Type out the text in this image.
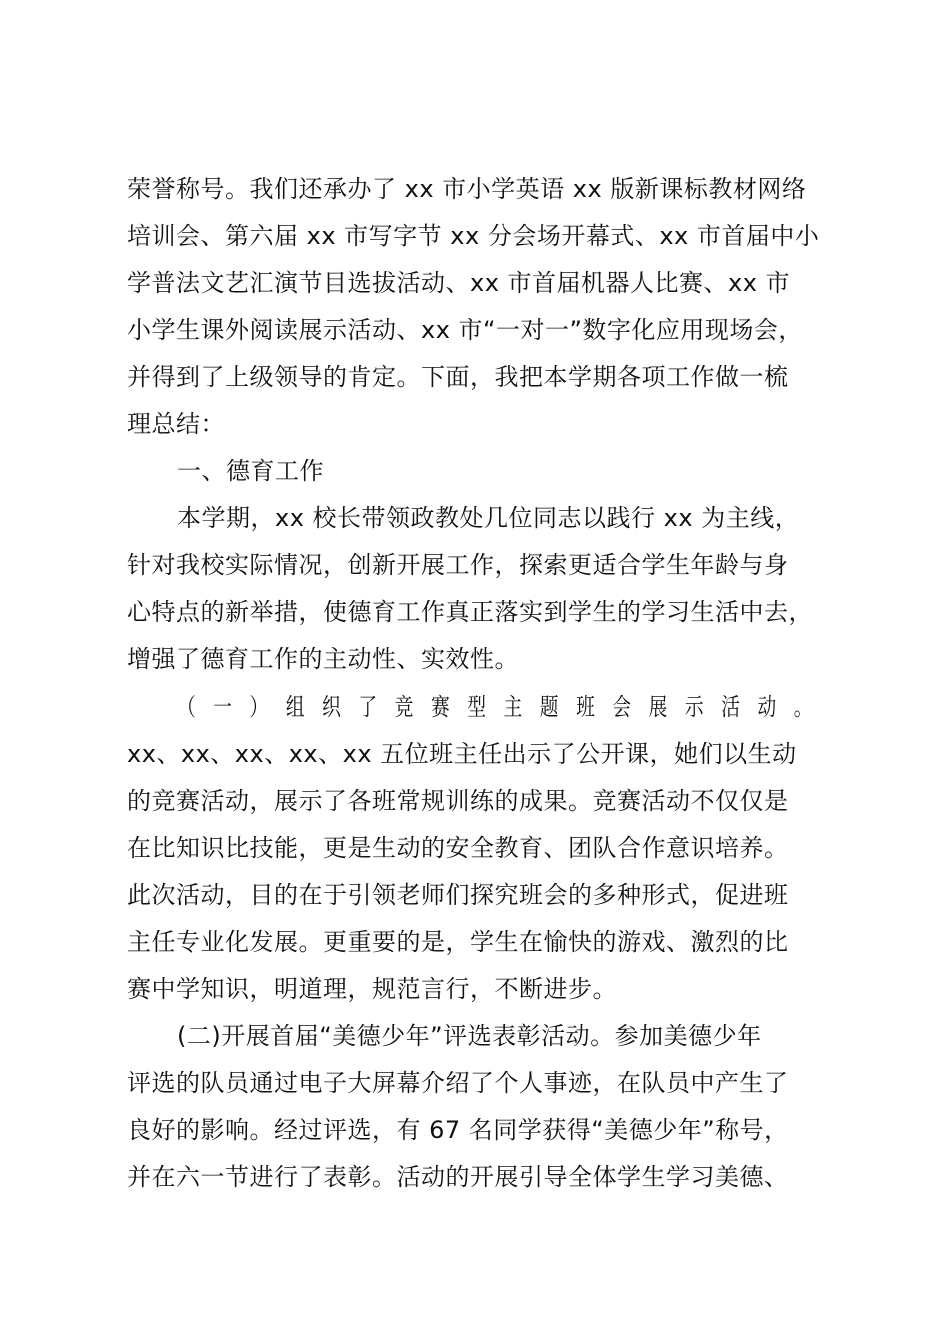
荣誉称号。我们还承办了 xx 市小学英语 xx 版新课标教材网络
培训会、第六届 xx 市写字节 xx 分会场开幕式、xx 市首届中小
学普法文艺汇演节目选拔活动、xx 市首届机器人比赛、xx 市
小学生课外阅读展示活动、xx 市“一对一”数字化应用现场会，
并得到了上级领导的肯定。下面，我把本学期各项工作做一梳
理总结：
一、德育工作
本学期，xx 校长带领政教处几位同志以践行 xx 为主线，
针对我校实际情况，创新开展工作，探索更适合学生年龄与身
心特点的新举措，使德育工作真正落实到学生的学习生活中去，
增强了德育工作的主动性、实效性。
（一）组织了竞赛型主题班会展示活动。
xx、xx、xx、xx、xx 五位班主任出示了公开课，她们以生动
的竞赛活动，展示了各班常规训练的成果。竞赛活动不仅仅是
在比知识比技能，更是生动的安全教育、团队合作意识培养。
此次活动，目的在于引领老师们探究班会的多种形式，促进班
主任专业化发展。更重要的是，学生在愉快的游戏、激烈的比
赛中学知识，明道理，规范言行，不断进步。
(二)开展首届“美德少年”评选表彰活动。参加美德少年
评选的队员通过电子大屏幕介绍了个人事迹，在队员中产生了
良好的影响。经过评选，有 67 名同学获得“美德少年”称号，
并在六一节进行了表彰。活动的开展引导全体学生学习美德、
